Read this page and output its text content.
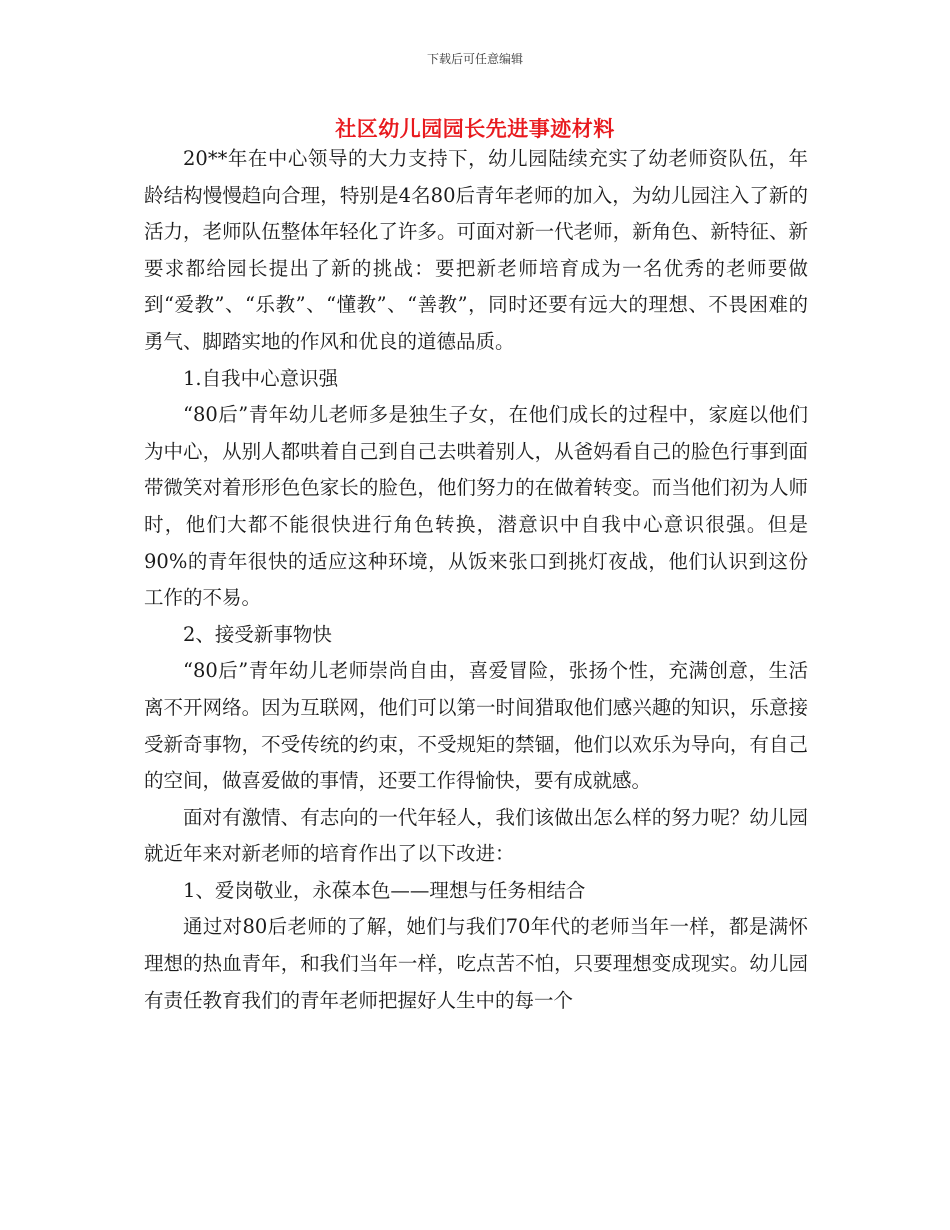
下载后可任意编辑
社区幼儿园园长先进事迹材料

20**年在中心领导的大力支持下，幼儿园陆续充实了幼老师资队伍，年龄结构慢慢趋向合理，特别是4名80后青年老师的加入，为幼儿园注入了新的活力，老师队伍整体年轻化了许多。可面对新一代老师，新角色、新特征、新要求都给园长提出了新的挑战：要把新老师培育成为一名优秀的老师要做到“爱教”、“乐教”、“懂教”、“善教”，同时还要有远大的理想、不畏困难的勇气、脚踏实地的作风和优良的道德品质。

1.自我中心意识强

“80后”青年幼儿老师多是独生子女，在他们成长的过程中，家庭以他们为中心，从别人都哄着自己到自己去哄着别人，从爸妈看自己的脸色行事到面带微笑对着形形色色家长的脸色，他们努力的在做着转变。而当他们初为人师时，他们大都不能很快进行角色转换，潜意识中自我中心意识很强。但是90%的青年很快的适应这种环境，从饭来张口到挑灯夜战，他们认识到这份工作的不易。

2、接受新事物快

“80后”青年幼儿老师崇尚自由，喜爱冒险，张扬个性，充满创意，生活离不开网络。因为互联网，他们可以第一时间猎取他们感兴趣的知识，乐意接受新奇事物，不受传统的约束，不受规矩的禁锢，他们以欢乐为导向，有自己的空间，做喜爱做的事情，还要工作得愉快，要有成就感。

面对有激情、有志向的一代年轻人，我们该做出怎么样的努力呢？幼儿园就近年来对新老师的培育作出了以下改进：

1、爱岗敬业，永葆本色——理想与任务相结合

通过对80后老师的了解，她们与我们70年代的老师当年一样，都是满怀理想的热血青年，和我们当年一样，吃点苦不怕，只要理想变成现实。幼儿园有责任教育我们的青年老师把握好人生中的每一个
